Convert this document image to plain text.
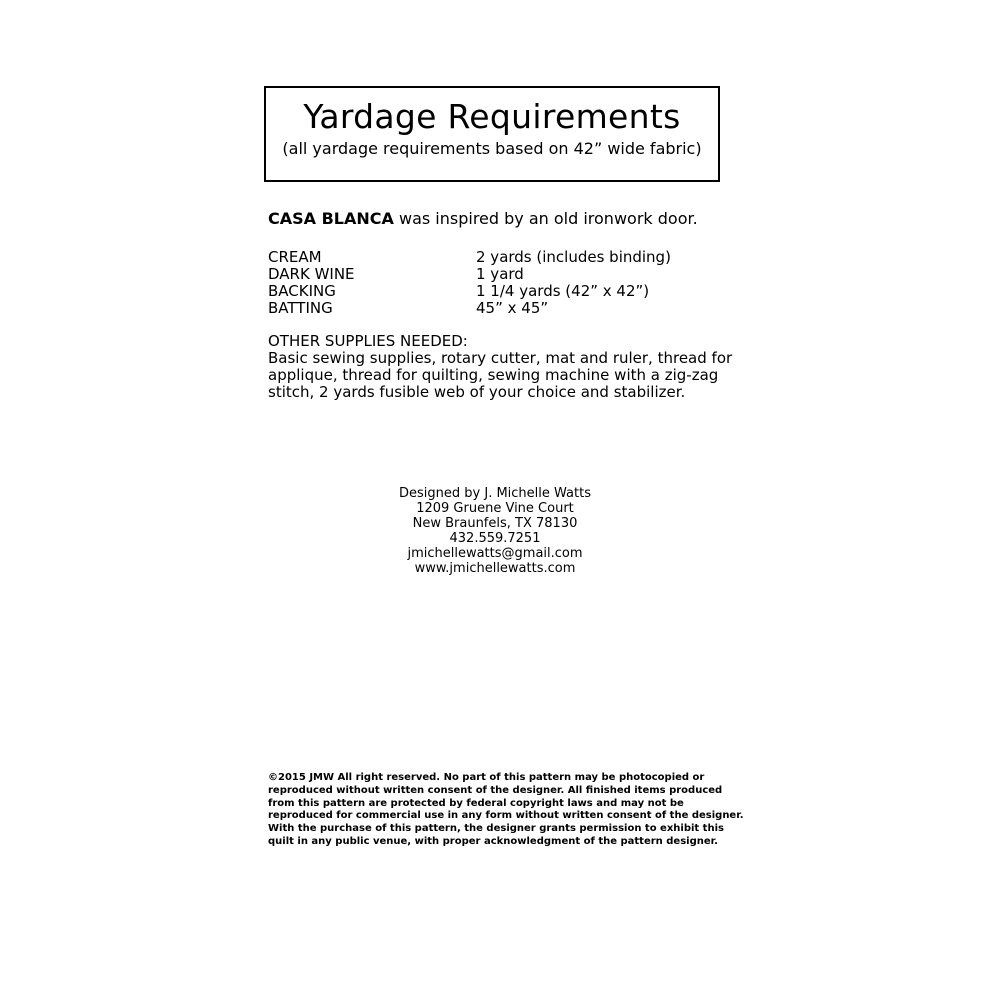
Yardage Requirements
(all yardage requirements based on 42” wide fabric)
CASA BLANCA was inspired by an old ironwork door.
CREAM	2 yards (includes binding)
DARK WINE	1 yard
BACKING	1 1/4 yards (42” x 42”)
BATTING	45” x 45”
OTHER SUPPLIES NEEDED:
Basic sewing supplies, rotary cutter, mat and ruler, thread for
applique, thread for quilting, sewing machine with a zig-zag
stitch, 2 yards fusible web of your choice and stabilizer.
Designed by J. Michelle Watts
1209 Gruene Vine Court
New Braunfels, TX 78130
432.559.7251
jmichellewatts@gmail.com
www.jmichellewatts.com
©2015 JMW All right reserved. No part of this pattern may be photocopied or
reproduced without written consent of the designer. All finished items produced
from this pattern are protected by federal copyright laws and may not be
reproduced for commercial use in any form without written consent of the designer.
With the purchase of this pattern, the designer grants permission to exhibit this
quilt in any public venue, with proper acknowledgment of the pattern designer.
